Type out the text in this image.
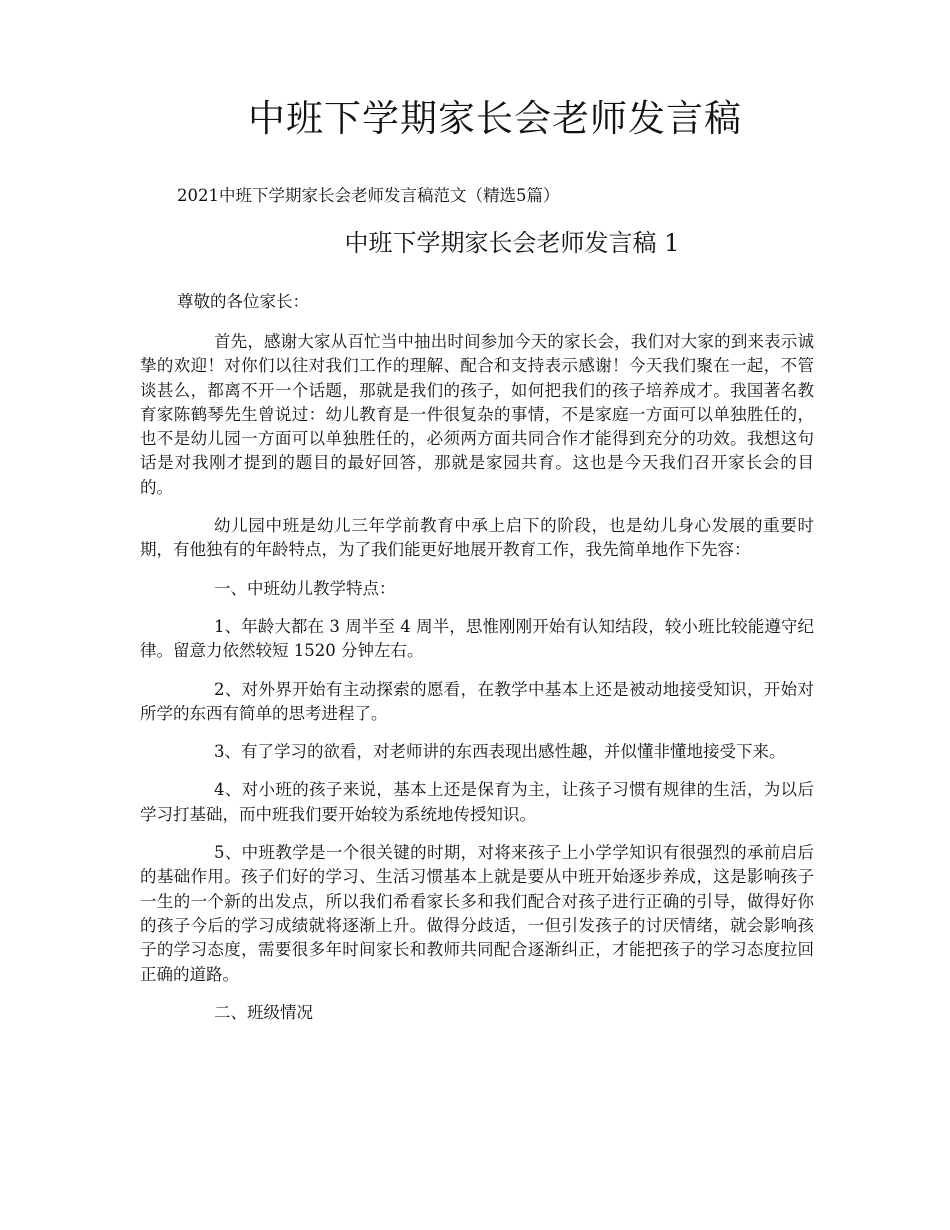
中班下学期家长会老师发言稿

2021中班下学期家长会老师发言稿范文（精选5篇）

中班下学期家长会老师发言稿 1

尊敬的各位家长：

首先，感谢大家从百忙当中抽出时间参加今天的家长会，我们对大家的到来表示诚挚的欢迎！对你们以往对我们工作的理解、配合和支持表示感谢！今天我们聚在一起，不管谈甚么，都离不开一个话题，那就是我们的孩子，如何把我们的孩子培养成才。我国著名教育家陈鹤琴先生曾说过：幼儿教育是一件很复杂的事情，不是家庭一方面可以单独胜任的，也不是幼儿园一方面可以单独胜任的，必须两方面共同合作才能得到充分的功效。我想这句话是对我刚才提到的题目的最好回答，那就是家园共育。这也是今天我们召开家长会的目的。

幼儿园中班是幼儿三年学前教育中承上启下的阶段，也是幼儿身心发展的重要时期，有他独有的年龄特点，为了我们能更好地展开教育工作，我先简单地作下先容：

一、中班幼儿教学特点：

1、年龄大都在 3 周半至 4 周半，思惟刚刚开始有认知结段，较小班比较能遵守纪律。留意力依然较短 1520 分钟左右。

2、对外界开始有主动探索的愿看，在教学中基本上还是被动地接受知识，开始对所学的东西有简单的思考进程了。

3、有了学习的欲看，对老师讲的东西表现出感性趣，并似懂非懂地接受下来。

4、对小班的孩子来说，基本上还是保育为主，让孩子习惯有规律的生活，为以后学习打基础，而中班我们要开始较为系统地传授知识。

5、中班教学是一个很关键的时期，对将来孩子上小学学知识有很强烈的承前启后的基础作用。孩子们好的学习、生活习惯基本上就是要从中班开始逐步养成，这是影响孩子一生的一个新的出发点，所以我们希看家长多和我们配合对孩子进行正确的引导，做得好你的孩子今后的学习成绩就将逐渐上升。做得分歧适，一但引发孩子的讨厌情绪，就会影响孩子的学习态度，需要很多年时间家长和教师共同配合逐渐纠正，才能把孩子的学习态度拉回正确的道路。

二、班级情况
